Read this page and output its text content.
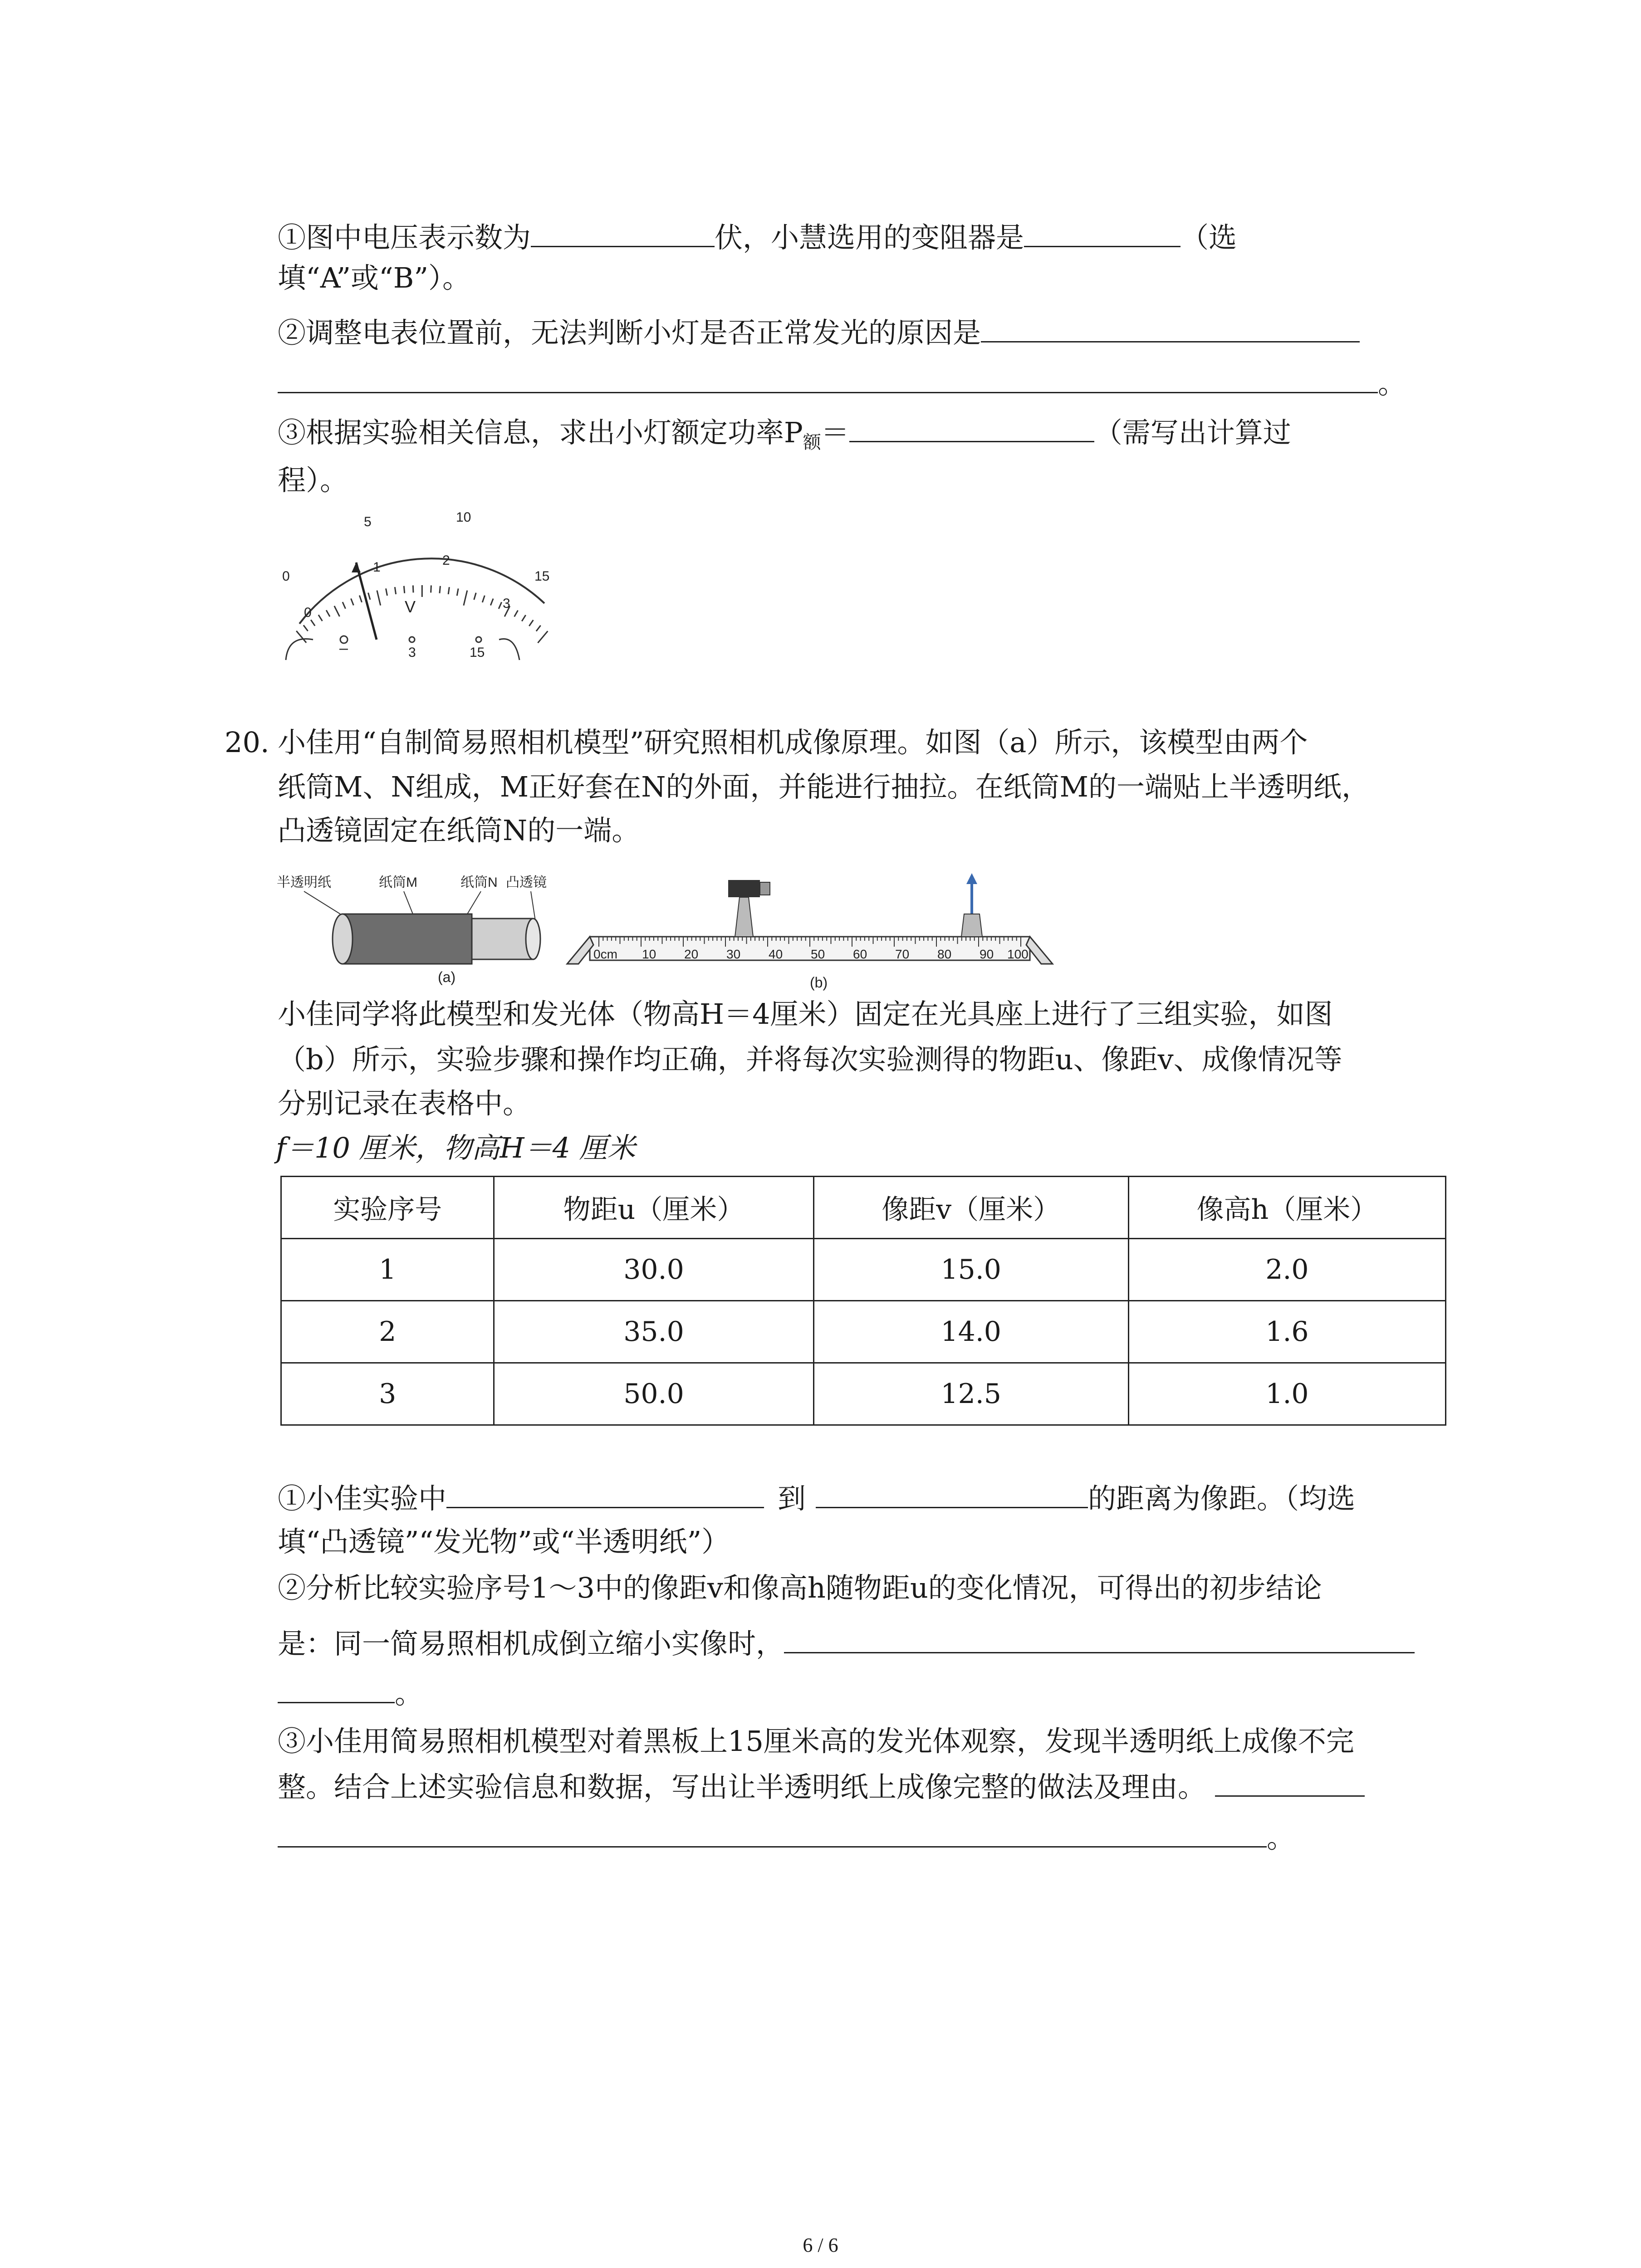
①图中电压表示数为	伏，小慧选用的变阻器是	（选
填“A”或“B”）。
②调整电表位置前，无法判断小灯是否正常发光的原因是
。
③根据实验相关信息，求出小灯额定功率$P_额=$	（需写出计算过
程）。
5	10
15
0
0
1	2
3
V
–	3	15
20. 小佳用“自制简易照相机模型”研究照相机成像原理。如图（a）所示，该模型由两个
纸筒M、N组成，M正好套在N的外面，并能进行抽拉。在纸筒M的一端贴上半透明纸，
凸透镜固定在纸筒N的一端。
半透明纸	纸筒M	纸筒N 凸透镜
(a)
0cm 10 20 30 40 50 60 70 80 90 100
(b)
小佳同学将此模型和发光体（物高H＝4厘米）固定在光具座上进行了三组实验，如图
（b）所示，实验步骤和操作均正确，并将每次实验测得的物距u、像距v、成像情况等
分别记录在表格中。
f＝10 厘米，物高H＝4 厘米
实验序号	物距u（厘米）	像距v（厘米）	像高h（厘米）
1	30.0	15.0	2.0
2	35.0	14.0	1.6
3	50.0	12.5	1.0
①小佳实验中	到	的距离为像距。（均选
填“凸透镜”“发光物”或“半透明纸”）
②分析比较实验序号1～3中的像距v和像高h随物距u的变化情况，可得出的初步结论
是：同一简易照相机成倒立缩小实像时，
。
③小佳用简易照相机模型对着黑板上15厘米高的发光体观察，发现半透明纸上成像不完
整。结合上述实验信息和数据，写出让半透明纸上成像完整的做法及理由。
。
6 / 6
